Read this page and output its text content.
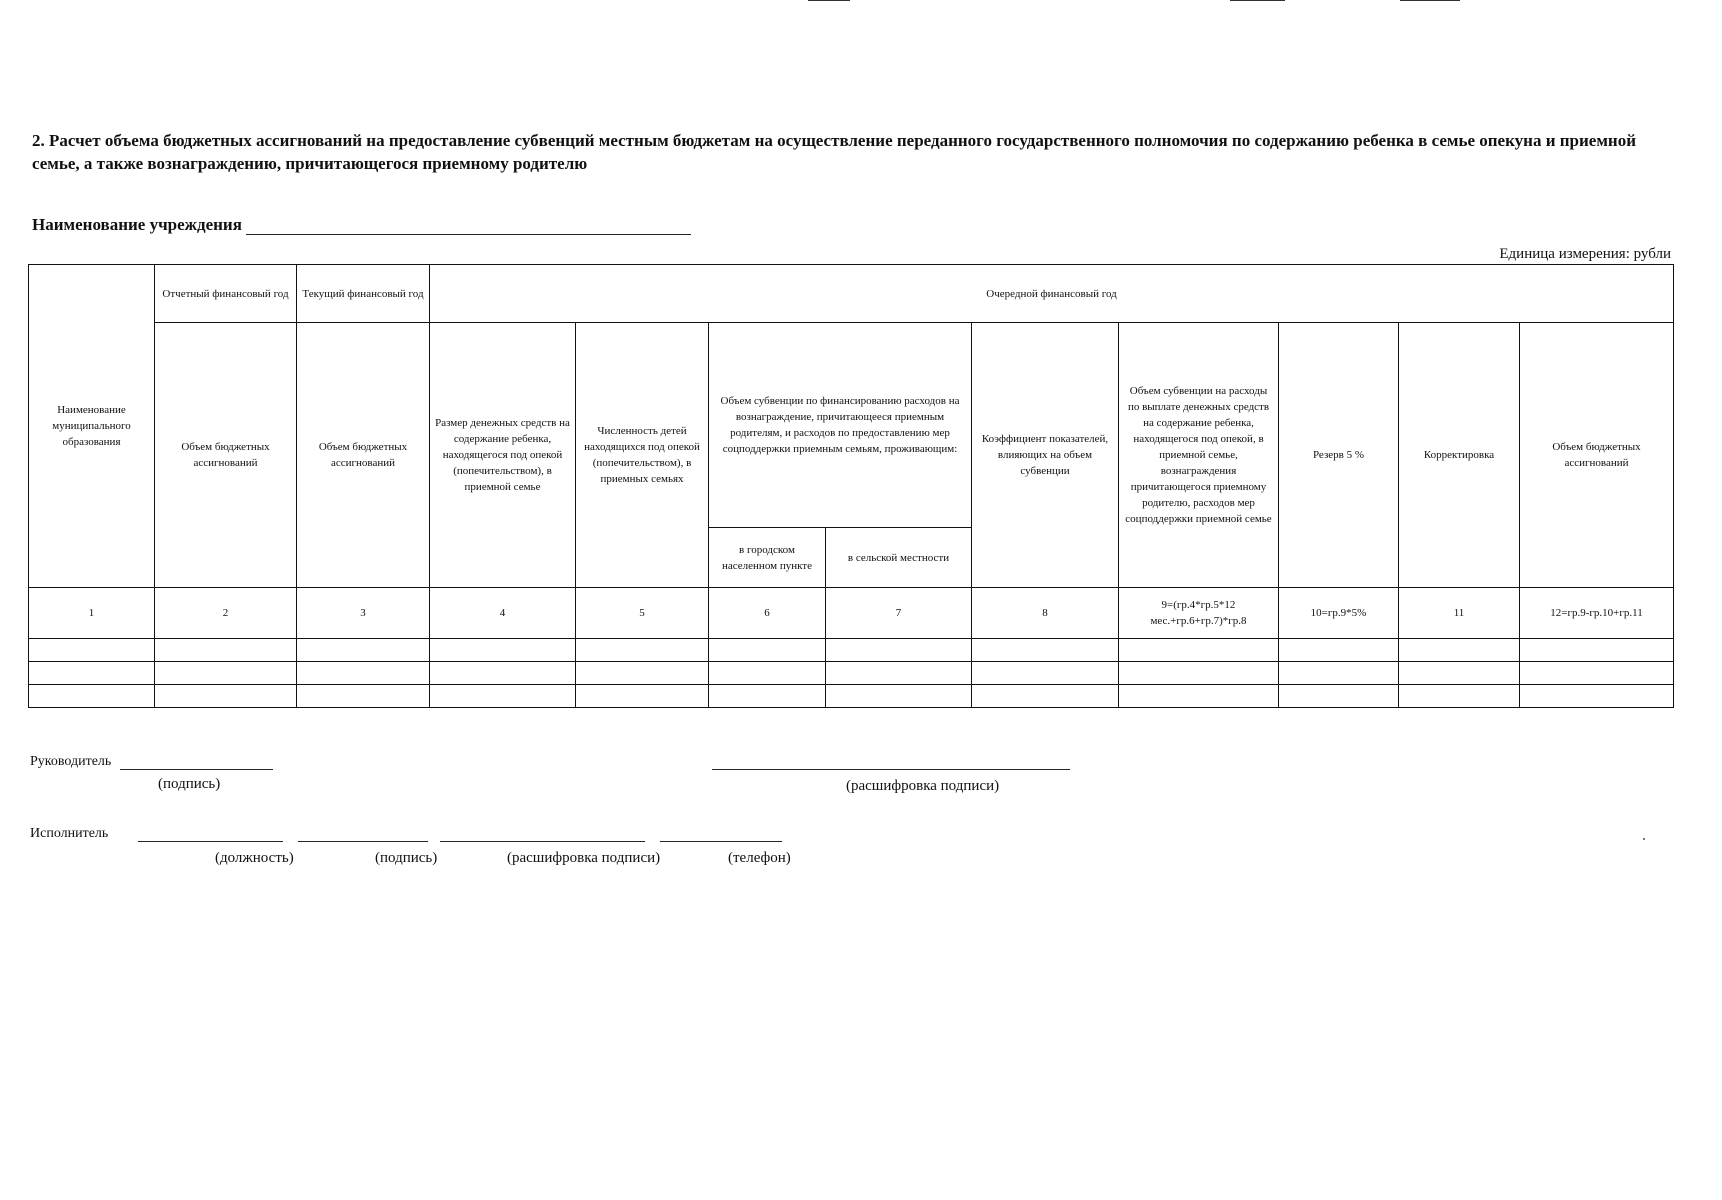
2. Расчет объема бюджетных ассигнований на предоставление субвенций местным бюджетам на осуществление переданного государственного полномочия по содержанию ребенка в семье опекуна и приемной семье, а также вознаграждению, причитающегося приемному родителю
Наименование учреждения
Единица измерения: рубли
Наименование муниципального образования	Отчетный финансовый год	Текущий финансовый год	Очередной финансовый год								
	Объем бюджетных ассигнований	Объем бюджетных ассигнований	Размер денежных средств на содержание ребенка, находящегося под опекой (попечительством), в приемной семье	Численность детей находящихся под опекой (попечительством), в приемных семьях	Объем субвенции по финансированию расходов на вознаграждение, причитающееся приемным родителям, и расходов по предоставлению мер соцподдержки приемным семьям, проживающим:		Коэффициент показателей, влияющих на объем субвенции	Объем субвенции на расходы по выплате денежных средств на содержание ребенка, находящегося под опекой, в приемной семье, вознаграждения причитающегося приемному родителю, расходов мер соцподдержки приемной семье	Резерв 5 %	Корректировка	Объем бюджетных ассигнований
					в городском населенном пункте	в сельской местности					
1	2	3	4	5	6	7	8	9=(гр.4*гр.5*12 мес.+гр.6+гр.7)*гр.8	10=гр.9*5%	11	12=гр.9-гр.10+гр.11

Руководитель
(подпись)	(расшифровка подписи)
Исполнитель
(должность)	(подпись)	(расшифровка подписи)	(телефон)
